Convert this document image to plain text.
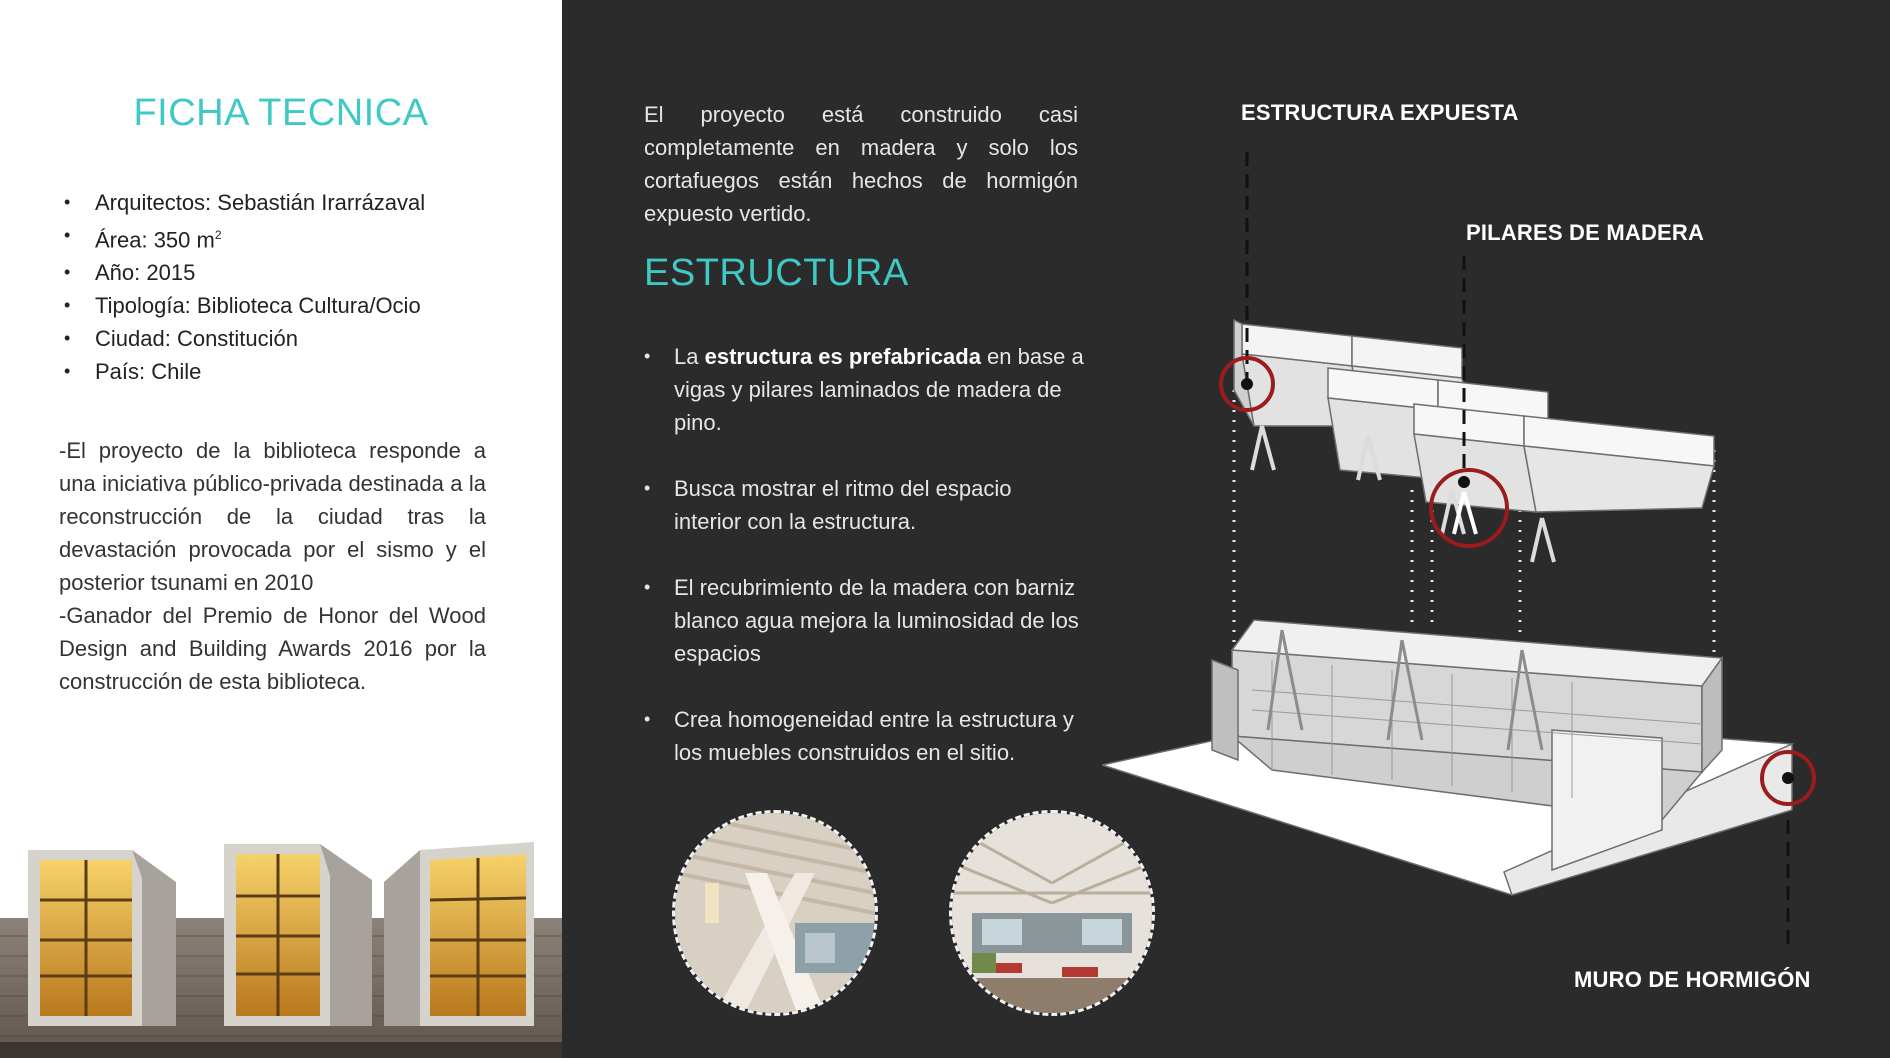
FICHA TECNICA
• Arquitectos: Sebastián Irarrázaval
• Área: 350 $m^2$
• Año: 2015
• Tipología: Biblioteca Cultura/Ocio
• Ciudad: Constitución
• País: Chile

-El proyecto de la biblioteca responde a una iniciativa público-privada destinada a la reconstrucción de la ciudad tras la devastación provocada por el sismo y el posterior tsunami en 2010

-Ganador del Premio de Honor del Wood Design and Building Awards 2016 por la construcción de esta biblioteca.

El proyecto está construido casi completamente en madera y solo los cortafuegos están hechos de hormigón expuesto vertido.
ESTRUCTURA
• La estructura es prefabricada en base a vigas y pilares laminados de madera de pino.
• Busca mostrar el ritmo del espacio interior con la estructura.
• El recubrimiento de la madera con barniz blanco agua mejora la luminosidad de los espacios
• Crea homogeneidad entre la estructura y los muebles construidos en el sitio.
ESTRUCTURA EXPUESTA
PILARES DE MADERA
MURO DE HORMIGÓN
